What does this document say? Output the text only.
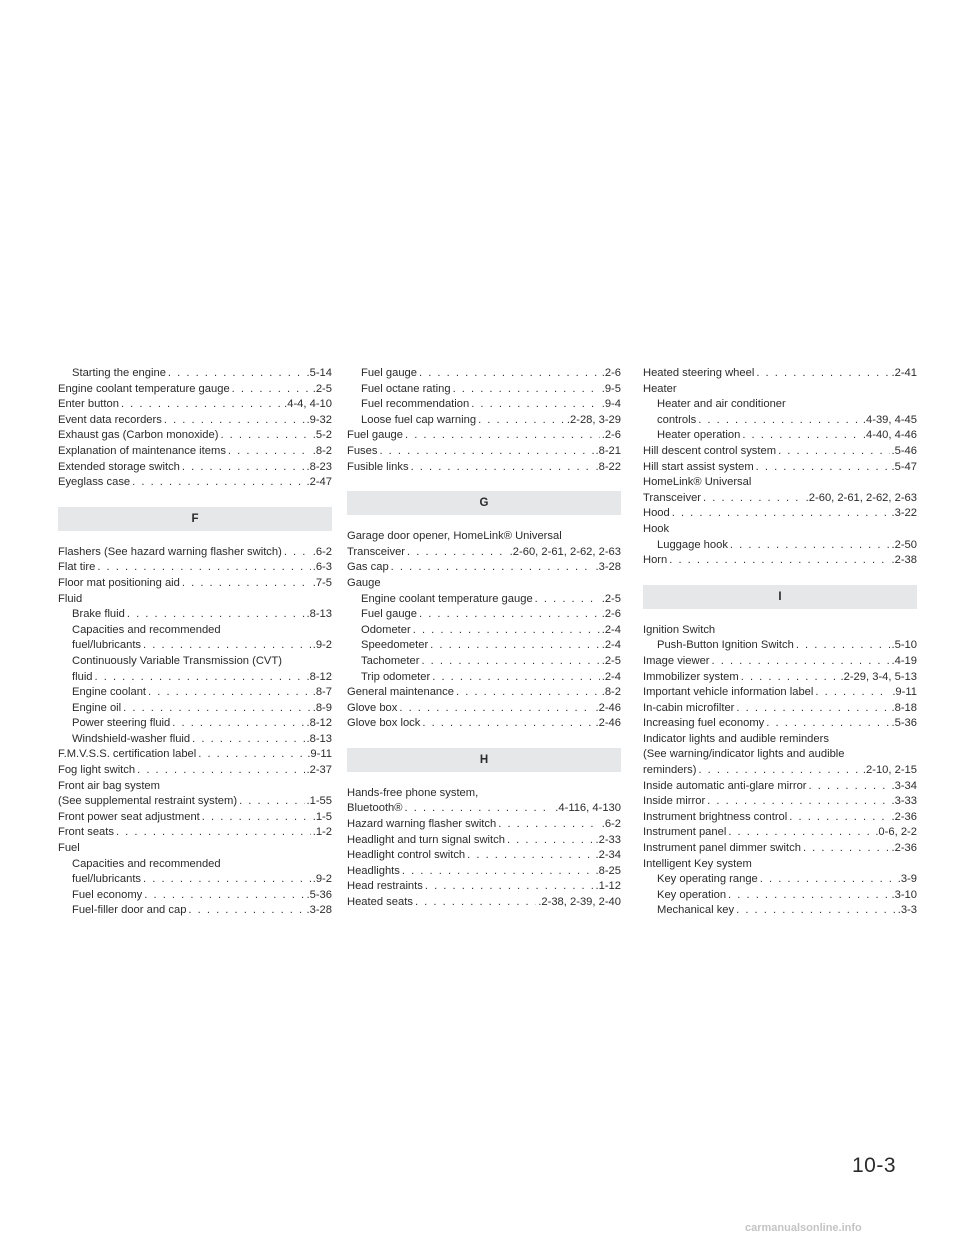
Starting the engine . . .	.5-14
Engine coolant temperature gauge . . .	.2-5
Enter button . . .	.4-4, 4-10
Event data recorders . . .	.9-32
Exhaust gas (Carbon monoxide) . . .	.5-2
Explanation of maintenance items . . .	.8-2
Extended storage switch . . .	.8-23
Eyeglass case . . .	.2-47
F
Flashers (See hazard warning flasher switch) . . .	.6-2
Flat tire . . .	.6-3
Floor mat positioning aid . . .	.7-5
Fluid
Brake fluid . . .	.8-13
Capacities and recommended
fuel/lubricants . . .	.9-2
Continuously Variable Transmission (CVT)
fluid . . .	.8-12
Engine coolant . . .	.8-7
Engine oil . . .	.8-9
Power steering fluid . . .	.8-12
Windshield-washer fluid . . .	.8-13
F.M.V.S.S. certification label . . .	.9-11
Fog light switch . . .	.2-37
Front air bag system
(See supplemental restraint system) . . .	.1-55
Front power seat adjustment . . .	.1-5
Front seats . . .	.1-2
Fuel
Capacities and recommended
fuel/lubricants . . .	.9-2
Fuel economy . . .	.5-36
Fuel-filler door and cap . . .	.3-28
Fuel gauge . . .	.2-6
Fuel octane rating . . .	.9-5
Fuel recommendation . . .	.9-4
Loose fuel cap warning . . .	.2-28, 3-29
Fuel gauge . . .	.2-6
Fuses . . .	.8-21
Fusible links . . .	.8-22
G
Garage door opener, HomeLink® Universal
Transceiver . . .	.2-60, 2-61, 2-62, 2-63
Gas cap . . .	.3-28
Gauge
Engine coolant temperature gauge . . .	.2-5
Fuel gauge . . .	.2-6
Odometer . . .	.2-4
Speedometer . . .	.2-4
Tachometer . . .	.2-5
Trip odometer . . .	.2-4
General maintenance . . .	.8-2
Glove box . . .	.2-46
Glove box lock . . .	.2-46
H
Hands-free phone system,
Bluetooth® . . .	.4-116, 4-130
Hazard warning flasher switch . . .	.6-2
Headlight and turn signal switch . . .	.2-33
Headlight control switch . . .	.2-34
Headlights . . .	.8-25
Head restraints . . .	.1-12
Heated seats . . .	.2-38, 2-39, 2-40
Heated steering wheel . . .	.2-41
Heater
Heater and air conditioner
controls . . .	.4-39, 4-45
Heater operation . . .	.4-40, 4-46
Hill descent control system . . .	.5-46
Hill start assist system . . .	.5-47
HomeLink® Universal
Transceiver . . .	.2-60, 2-61, 2-62, 2-63
Hood . . .	.3-22
Hook
Luggage hook . . .	.2-50
Horn . . .	.2-38
I
Ignition Switch
Push-Button Ignition Switch . . .	.5-10
Image viewer . . .	.4-19
Immobilizer system . . .	.2-29, 3-4, 5-13
Important vehicle information label . . .	.9-11
In-cabin microfilter . . .	.8-18
Increasing fuel economy . . .	.5-36
Indicator lights and audible reminders
(See warning/indicator lights and audible
reminders) . . .	.2-10, 2-15
Inside automatic anti-glare mirror . . .	.3-34
Inside mirror . . .	.3-33
Instrument brightness control . . .	.2-36
Instrument panel . . .	.0-6, 2-2
Instrument panel dimmer switch . . .	.2-36
Intelligent Key system
Key operating range . . .	.3-9
Key operation . . .	.3-10
Mechanical key . . .	.3-3
10-3
carmanualsonline.info
